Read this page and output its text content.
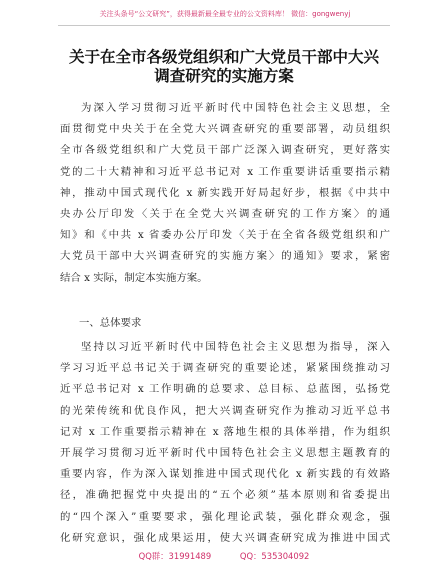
关注头条号“公文研究”，获得最新最全最专业的公文资料库！ 微信：gongwenyj
关于在全市各级党组织和广大党员干部中大兴
调查研究的实施方案
为深入学习贯彻习近平新时代中国特色社会主义思想，全
面贯彻党中央关于在全党大兴调查研究的重要部署，动员组织
全市各级党组织和广大党员干部广泛深入调查研究，更好落实
党的二十大精神和习近平总书记对 x 工作重要讲话重要指示精
神，推动中国式现代化 x 新实践开好局起好步，根据《中共中
央办公厅印发〈关于在全党大兴调查研究的工作方案〉的通
知》和《中共 x 省委办公厅印发〈关于在全省各级党组织和广
大党员干部中大兴调查研究的实施方案〉的通知》要求，紧密
结合 x 实际，制定本实施方案。
一、总体要求
坚持以习近平新时代中国特色社会主义思想为指导，深入
学习习近平总书记关于调查研究的重要论述，紧紧围绕推动习
近平总书记对 x 工作明确的总要求、总目标、总蓝图，弘扬党
的光荣传统和优良作风，把大兴调查研究作为推动习近平总书
记对 x 工作重要指示精神在 x 落地生根的具体举措，作为组织
开展学习贯彻习近平新时代中国特色社会主义思想主题教育的
重要内容，作为深入谋划推进中国式现代化 x 新实践的有效路
径，准确把握党中央提出的“五个必须”基本原则和省委提出
的“四个深入”重要要求，强化理论武装，强化群众观念，强
化研究意识，强化成果运用，使大兴调查研究成为推进中国式
QQ群：31991489	QQ：535304092
